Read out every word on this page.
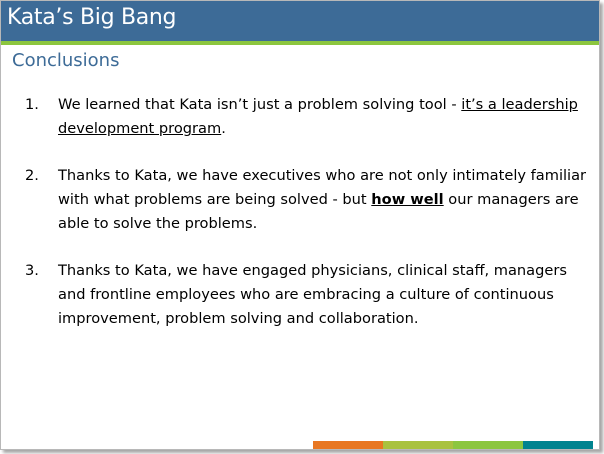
Kata’s Big Bang
Conclusions
1. We learned that Kata isn’t just a problem solving tool - it’s a leadership development program.
2. Thanks to Kata, we have executives who are not only intimately familiar with what problems are being solved - but how well our managers are able to solve the problems.
3. Thanks to Kata, we have engaged physicians, clinical staff, managers and frontline employees who are embracing a culture of continuous improvement, problem solving and collaboration.
